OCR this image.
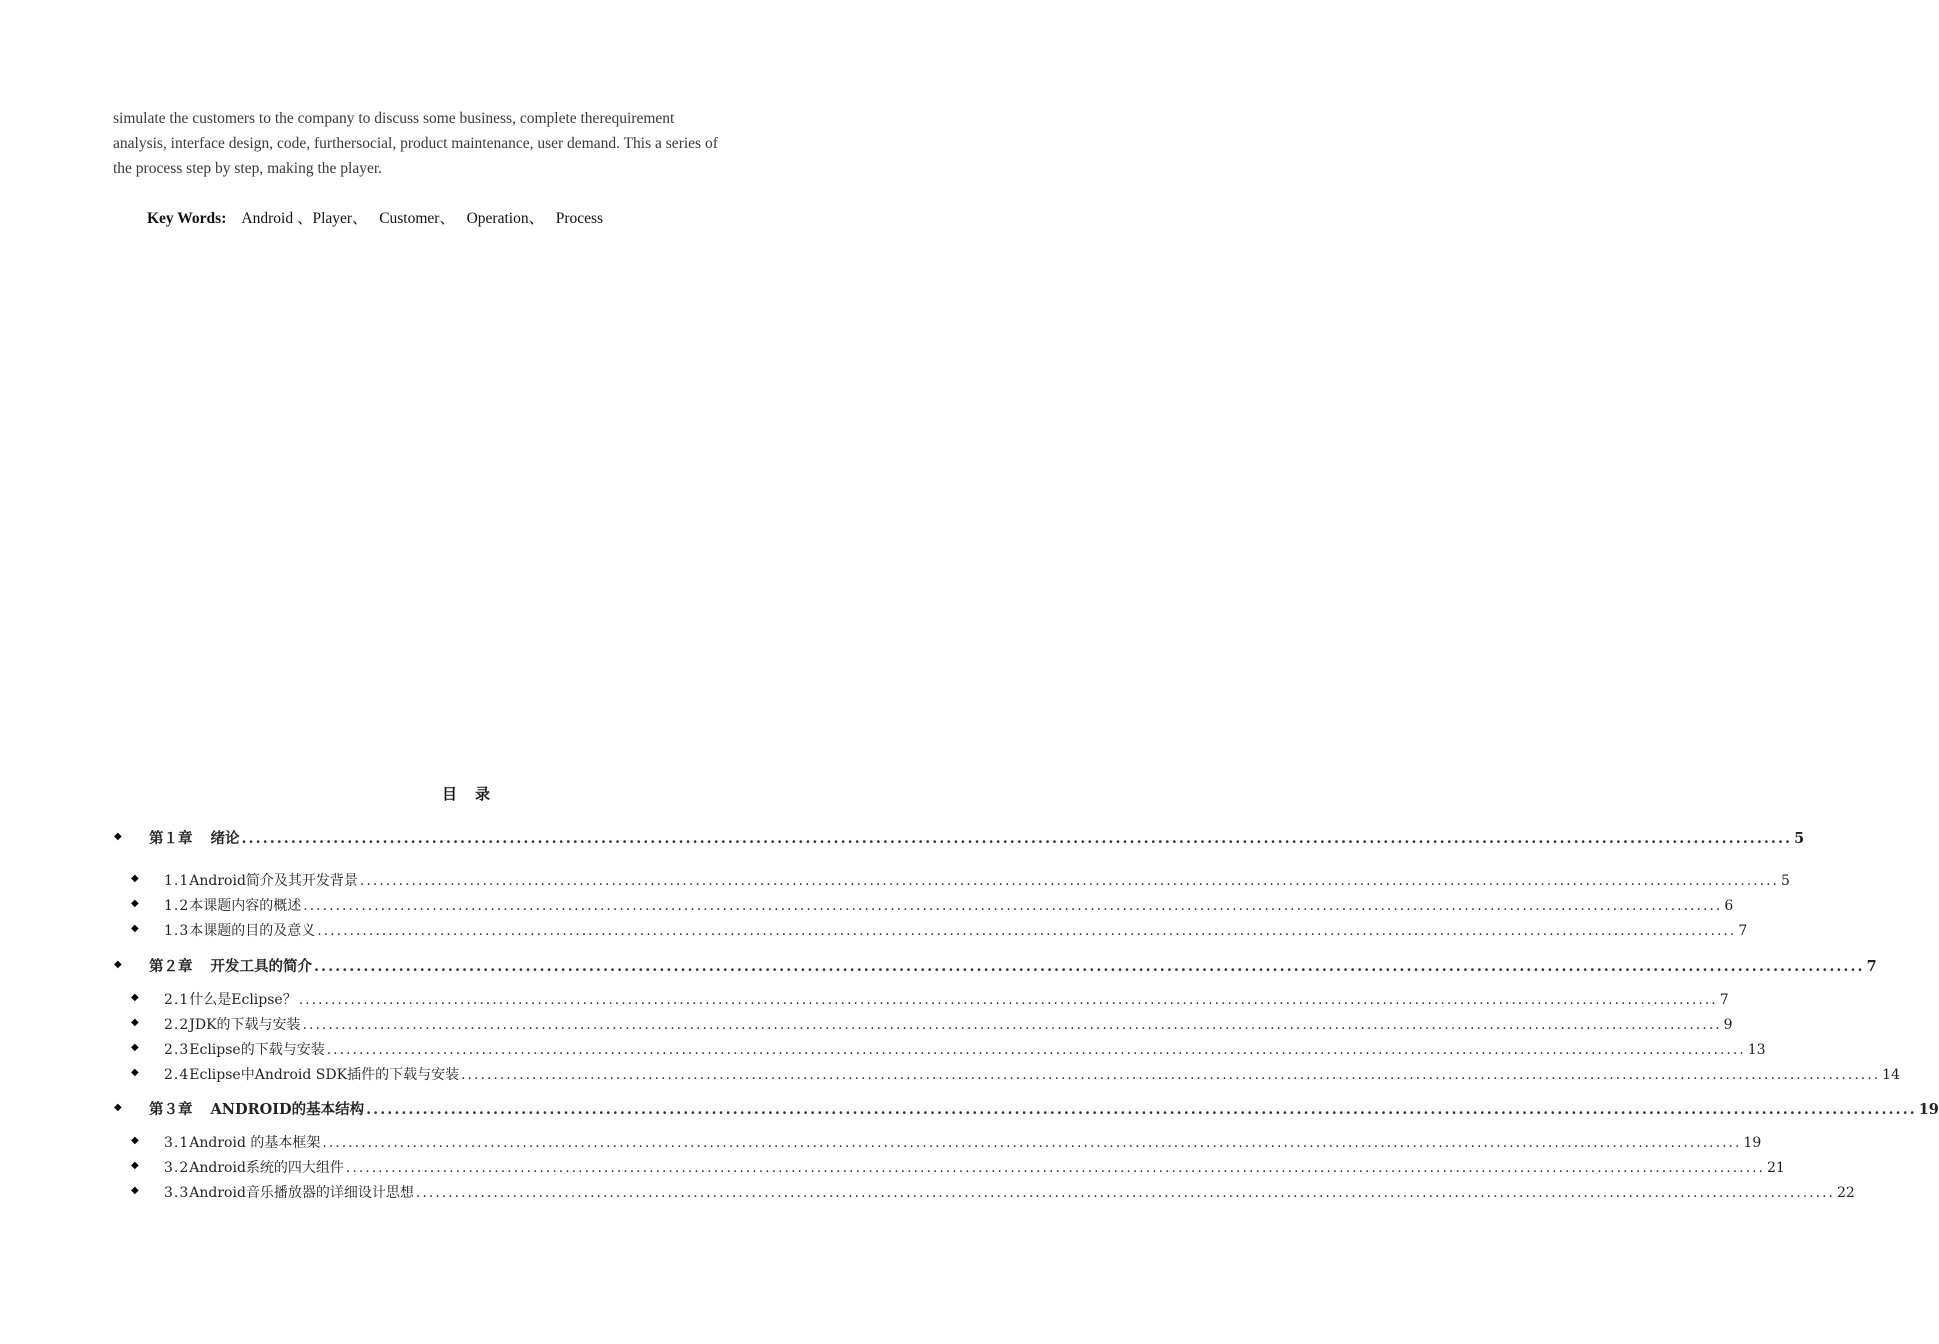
simulate the customers to the company to discuss some business, complete therequirement

analysis, interface design, code, furthersocial, product maintenance, user demand. This a series of

the process step by step, making the player.

Key Words: Android 、Player、 Customer、 Operation、 Process
目录
◆ 第１章 绪论 ............................................................................................................................................................................................................................ 5
◆ 1.1 Android简介及其开发背景 ............................................................................................................................................................................................................................ 5
◆ 1.2 本课题内容的概述 ............................................................................................................................................................................................................................ 6
◆ 1.3 本课题的目的及意义 ............................................................................................................................................................................................................................ 7
◆ 第２章 开发工具的简介 ............................................................................................................................................................................................................................ 7
◆ 2.1 什么是Eclipse？ ............................................................................................................................................................................................................................ 7
◆ 2.2 JDK的下载与安装 ............................................................................................................................................................................................................................ 9
◆ 2.3 Eclipse的下载与安装 ............................................................................................................................................................................................................................ 13
◆ 2.4 Eclipse中Android SDK插件的下载与安装 ............................................................................................................................................................................................................................ 14
◆ 第３章 ANDROID的基本结构 ............................................................................................................................................................................................................................ 19
◆ 3.1 Android 的基本框架 ............................................................................................................................................................................................................................ 19
◆ 3.2 Android系统的四大组件 ............................................................................................................................................................................................................................ 21
◆ 3.3 Android音乐播放器的详细设计思想 ............................................................................................................................................................................................................................ 22
